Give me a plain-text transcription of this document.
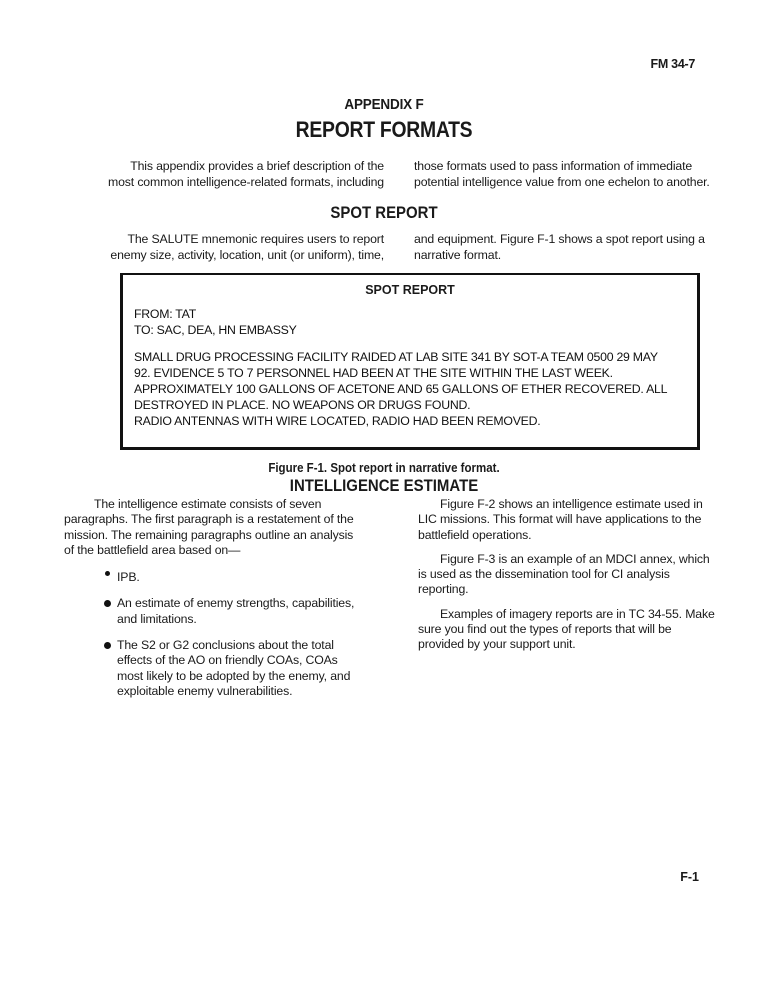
FM 34-7
APPENDIX F
REPORT FORMATS
This appendix provides a brief description of the
most common intelligence-related formats, including
those formats used to pass information of immediate
potential intelligence value from one echelon to another.
SPOT REPORT
The SALUTE mnemonic requires users to report
enemy size, activity, location, unit (or uniform), time,
and equipment. Figure F-1 shows a spot report using a
narrative format.
SPOT REPORT
FROM: TAT
TO: SAC, DEA, HN EMBASSY
SMALL DRUG PROCESSING FACILITY RAIDED AT LAB SITE 341 BY SOT-A TEAM 0500 29 MAY
92. EVIDENCE 5 TO 7 PERSONNEL HAD BEEN AT THE SITE WITHIN THE LAST WEEK.
APPROXIMATELY 100 GALLONS OF ACETONE AND 65 GALLONS OF ETHER RECOVERED. ALL
DESTROYED IN PLACE. NO WEAPONS OR DRUGS FOUND.
RADIO ANTENNAS WITH WIRE LOCATED, RADIO HAD BEEN REMOVED.
Figure F-1. Spot report in narrative format.
INTELLIGENCE ESTIMATE

The intelligence estimate consists of seven paragraphs. The first paragraph is a restatement of the mission. The remaining paragraphs outline an analysis of the battlefield area based on—

IPB.
An estimate of enemy strengths, capabilities, and limitations.
The S2 or G2 conclusions about the total effects of the AO on friendly COAs, COAs most likely to be adopted by the enemy, and exploitable enemy vulnerabilities.

Figure F-2 shows an intelligence estimate used in LIC missions. This format will have applications to the battlefield operations.

Figure F-3 is an example of an MDCI annex, which is used as the dissemination tool for CI analysis reporting.

Examples of imagery reports are in TC 34-55. Make sure you find out the types of reports that will be provided by your support unit.

F-1
